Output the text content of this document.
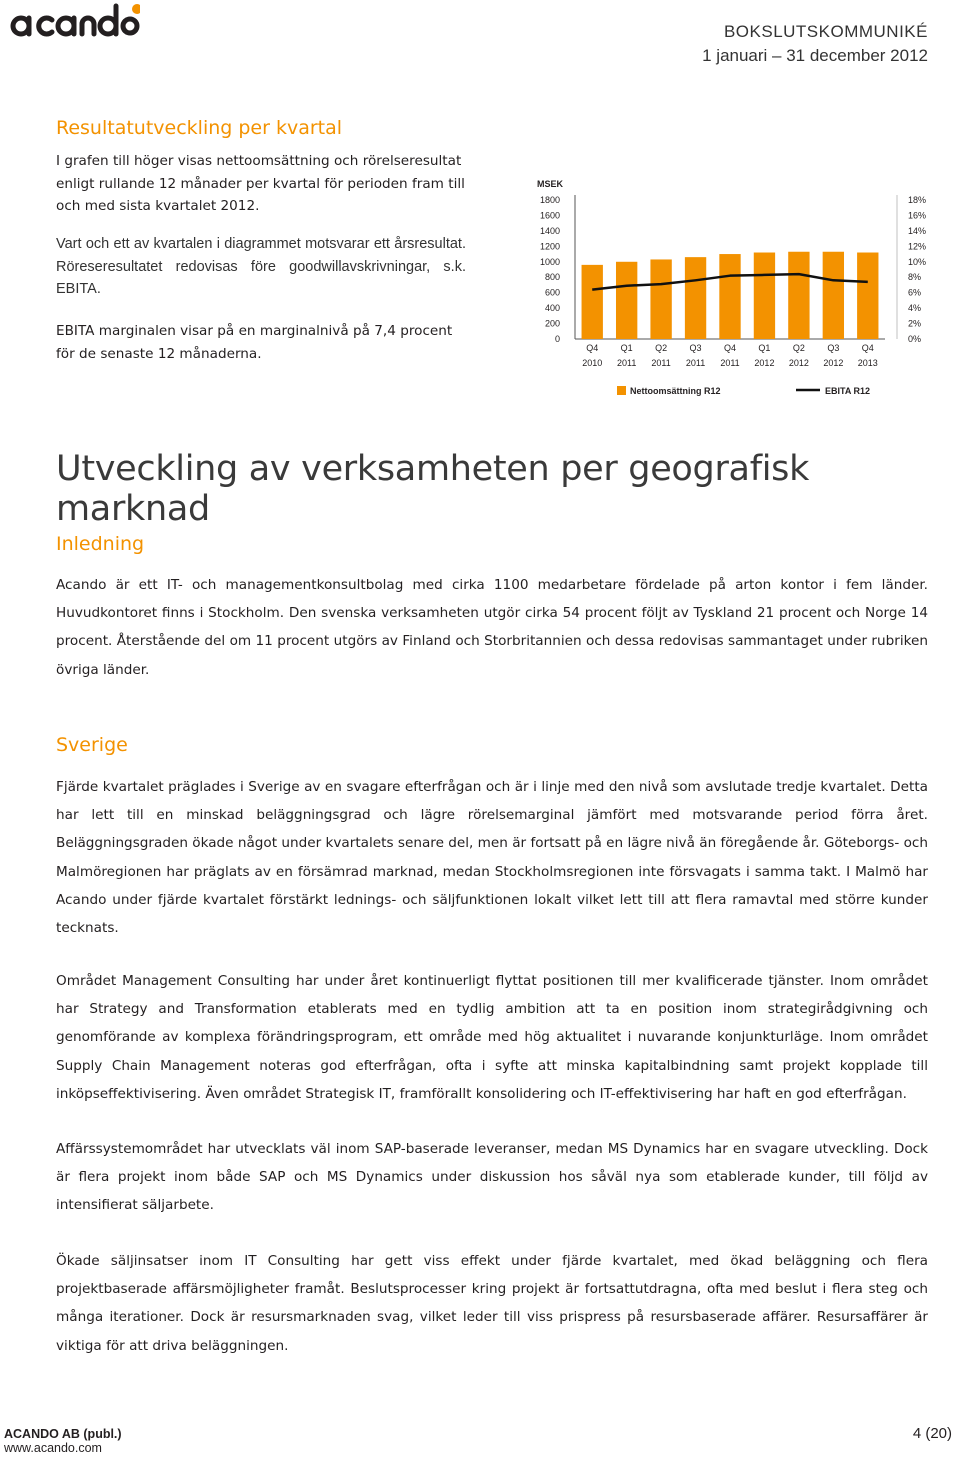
BOKSLUTSKOMMUNIKÉ
1 januari – 31 december 2012
Resultatutveckling per kvartal
I grafen till höger visas nettoomsättning och rörelseresultat enligt rullande 12 månader per kvartal för perioden fram till och med sista kvartalet 2012.
Vart och ett av kvartalen i diagrammet motsvarar ett årsresultat. Röreseresultatet redovisas före goodwillavskrivningar, s.k. EBITA.
EBITA marginalen visar på en marginalnivå på 7,4 procent för de senaste 12 månaderna.
MSEK
0
200
400
600
800
1000
1200
1400
1600
1800
0%
2%
4%
6%
8%
10%
12%
14%
16%
18%
Q4
2010
Q1
2011
Q2
2011
Q3
2011
Q4
2011
Q1
2012
Q2
2012
Q3
2012
Q4
2013
Nettoomsättning R12	EBITA R12
Utveckling av verksamheten per geografisk marknad
Inledning
Acando är ett IT- och managementkonsultbolag med cirka 1100 medarbetare fördelade på arton kontor i fem länder. Huvudkontoret finns i Stockholm. Den svenska verksamheten utgör cirka 54 procent följt av Tyskland 21 procent och Norge 14 procent. Återstående del om 11 procent utgörs av Finland och Storbritannien och dessa redovisas sammantaget under rubriken övriga länder.
Sverige
Fjärde kvartalet präglades i Sverige av en svagare efterfrågan och är i linje med den nivå som avslutade tredje kvartalet. Detta har lett till en minskad beläggningsgrad och lägre rörelsemarginal jämfört med motsvarande period förra året. Beläggningsgraden ökade något under kvartalets senare del, men är fortsatt på en lägre nivå än föregående år. Göteborgs- och Malmöregionen har präglats av en försämrad marknad, medan Stockholmsregionen inte försvagats i samma takt. I Malmö har Acando under fjärde kvartalet förstärkt lednings- och säljfunktionen lokalt vilket lett till att flera ramavtal med större kunder tecknats.
Området Management Consulting har under året kontinuerligt flyttat positionen till mer kvalificerade tjänster. Inom området har Strategy and Transformation etablerats med en tydlig ambition att ta en position inom strategirådgivning och genomförande av komplexa förändringsprogram, ett område med hög aktualitet i nuvarande konjunkturläge. Inom området Supply Chain Management noteras god efterfrågan, ofta i syfte att minska kapitalbindning samt projekt kopplade till inköpseffektivisering. Även området Strategisk IT, framförallt konsolidering och IT-effektivisering har haft en god efterfrågan.
Affärssystemområdet har utvecklats väl inom SAP-baserade leveranser, medan MS Dynamics har en svagare utveckling. Dock är flera projekt inom både SAP och MS Dynamics under diskussion hos såväl nya som etablerade kunder, till följd av intensifierat säljarbete.
Ökade säljinsatser inom IT Consulting har gett viss effekt under fjärde kvartalet, med ökad beläggning och flera projektbaserade affärsmöjligheter framåt. Beslutsprocesser kring projekt är fortsattutdragna, ofta med beslut i flera steg och många iterationer. Dock är resursmarknaden svag, vilket leder till viss prispress på resursbaserade affärer. Resursaffärer är viktiga för att driva beläggningen.
ACANDO AB (publ.)
www.acando.com
4 (20)
